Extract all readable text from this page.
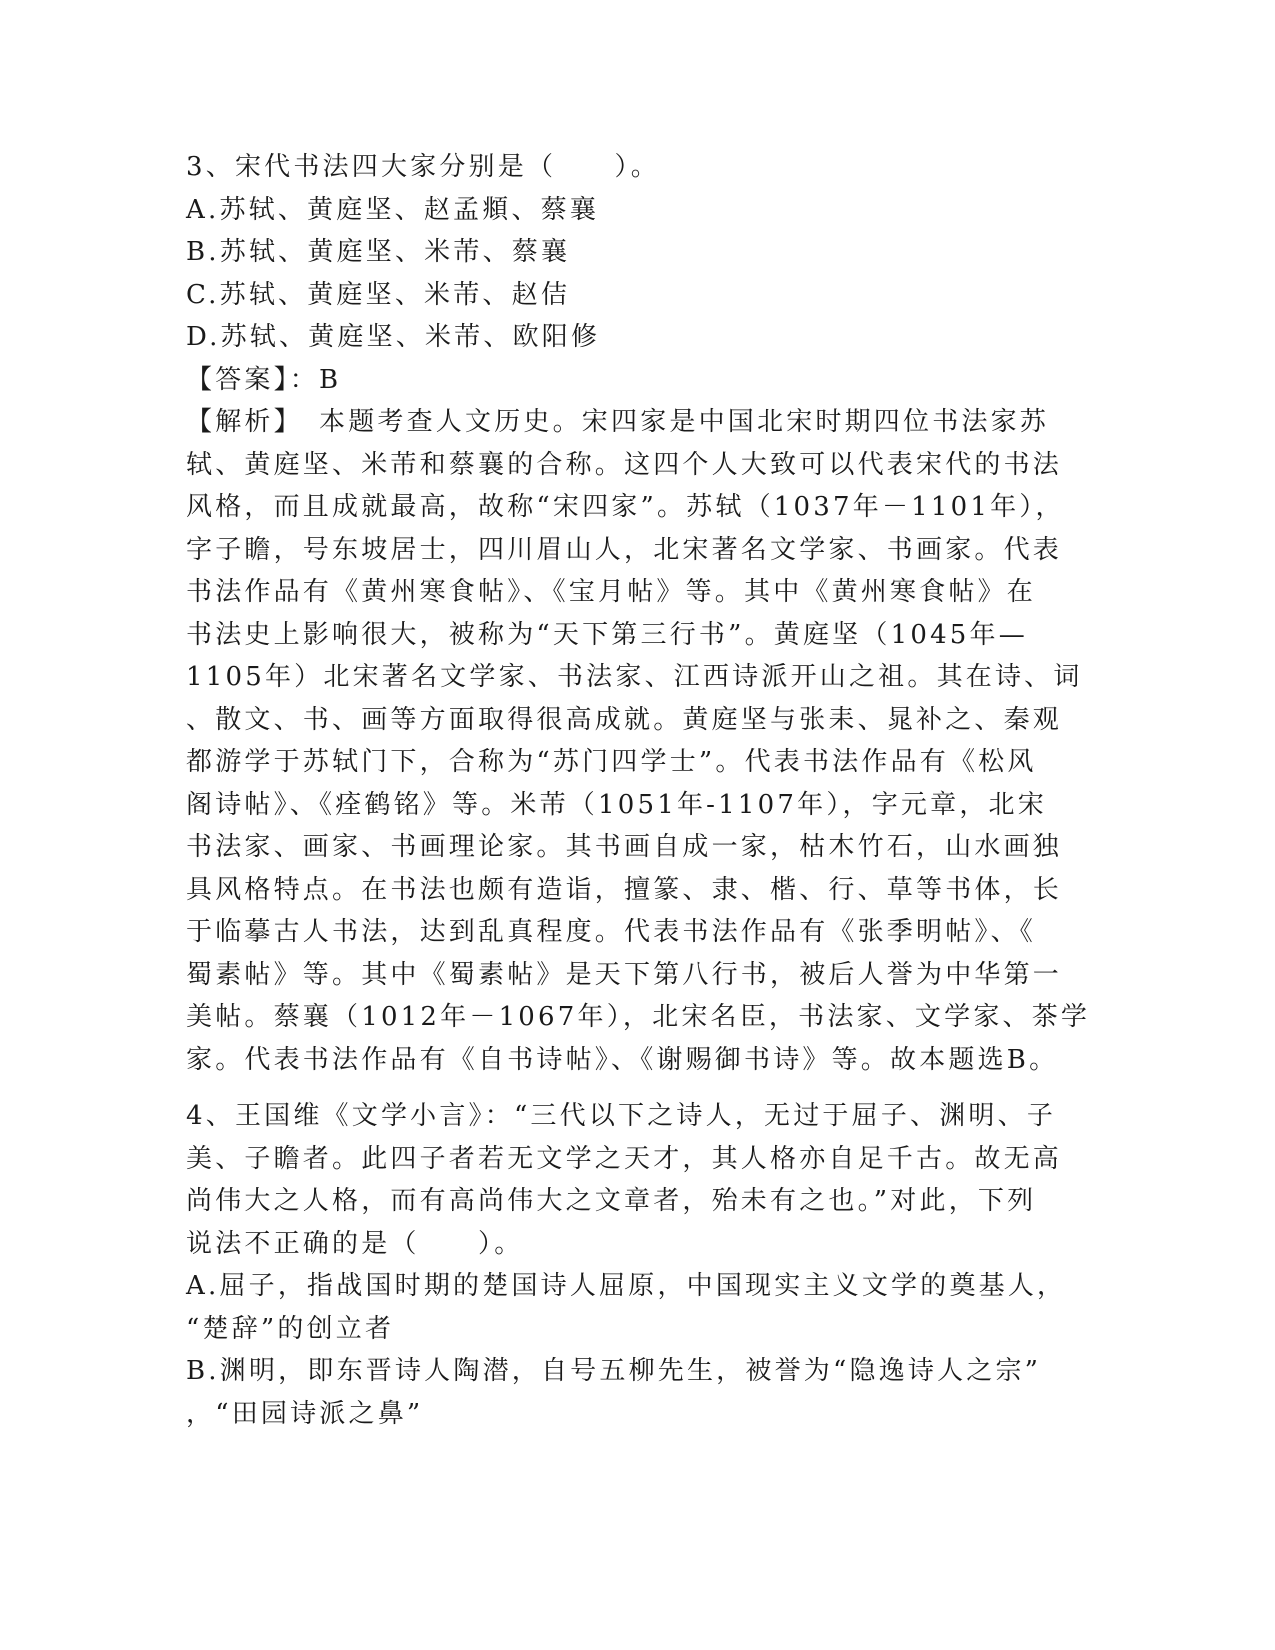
3、宋代书法四大家分别是（　　）。
A.苏轼、黄庭坚、赵孟頫、蔡襄
B.苏轼、黄庭坚、米芾、蔡襄
C.苏轼、黄庭坚、米芾、赵佶
D.苏轼、黄庭坚、米芾、欧阳修
【答案】：B
【解析】　本题考查人文历史。宋四家是中国北宋时期四位书法家苏
轼、黄庭坚、米芾和蔡襄的合称。这四个人大致可以代表宋代的书法
风格，而且成就最高，故称“宋四家”。苏轼（1037年－1101年），
字子瞻，号东坡居士，四川眉山人，北宋著名文学家、书画家。代表
书法作品有《黄州寒食帖》、《宝月帖》等。其中《黄州寒食帖》在
书法史上影响很大，被称为“天下第三行书”。黄庭坚（1045年—
1105年）北宋著名文学家、书法家、江西诗派开山之祖。其在诗、词
、散文、书、画等方面取得很高成就。黄庭坚与张耒、晁补之、秦观
都游学于苏轼门下，合称为“苏门四学士”。代表书法作品有《松风
阁诗帖》、《痊鹤铭》等。米芾（1051年-1107年），字元章，北宋
书法家、画家、书画理论家。其书画自成一家，枯木竹石，山水画独
具风格特点。在书法也颇有造诣，擅篆、隶、楷、行、草等书体，长
于临摹古人书法，达到乱真程度。代表书法作品有《张季明帖》、《
蜀素帖》等。其中《蜀素帖》是天下第八行书，被后人誉为中华第一
美帖。蔡襄（1012年－1067年），北宋名臣，书法家、文学家、茶学
家。代表书法作品有《自书诗帖》、《谢赐御书诗》等。故本题选B。
4、王国维《文学小言》：“三代以下之诗人，无过于屈子、渊明、子
美、子瞻者。此四子者若无文学之天才，其人格亦自足千古。故无高
尚伟大之人格，而有高尚伟大之文章者，殆未有之也。”对此，下列
说法不正确的是（　　）。
A.屈子，指战国时期的楚国诗人屈原，中国现实主义文学的奠基人，
“楚辞”的创立者
B.渊明，即东晋诗人陶潜，自号五柳先生，被誉为“隐逸诗人之宗”
，“田园诗派之鼻”
